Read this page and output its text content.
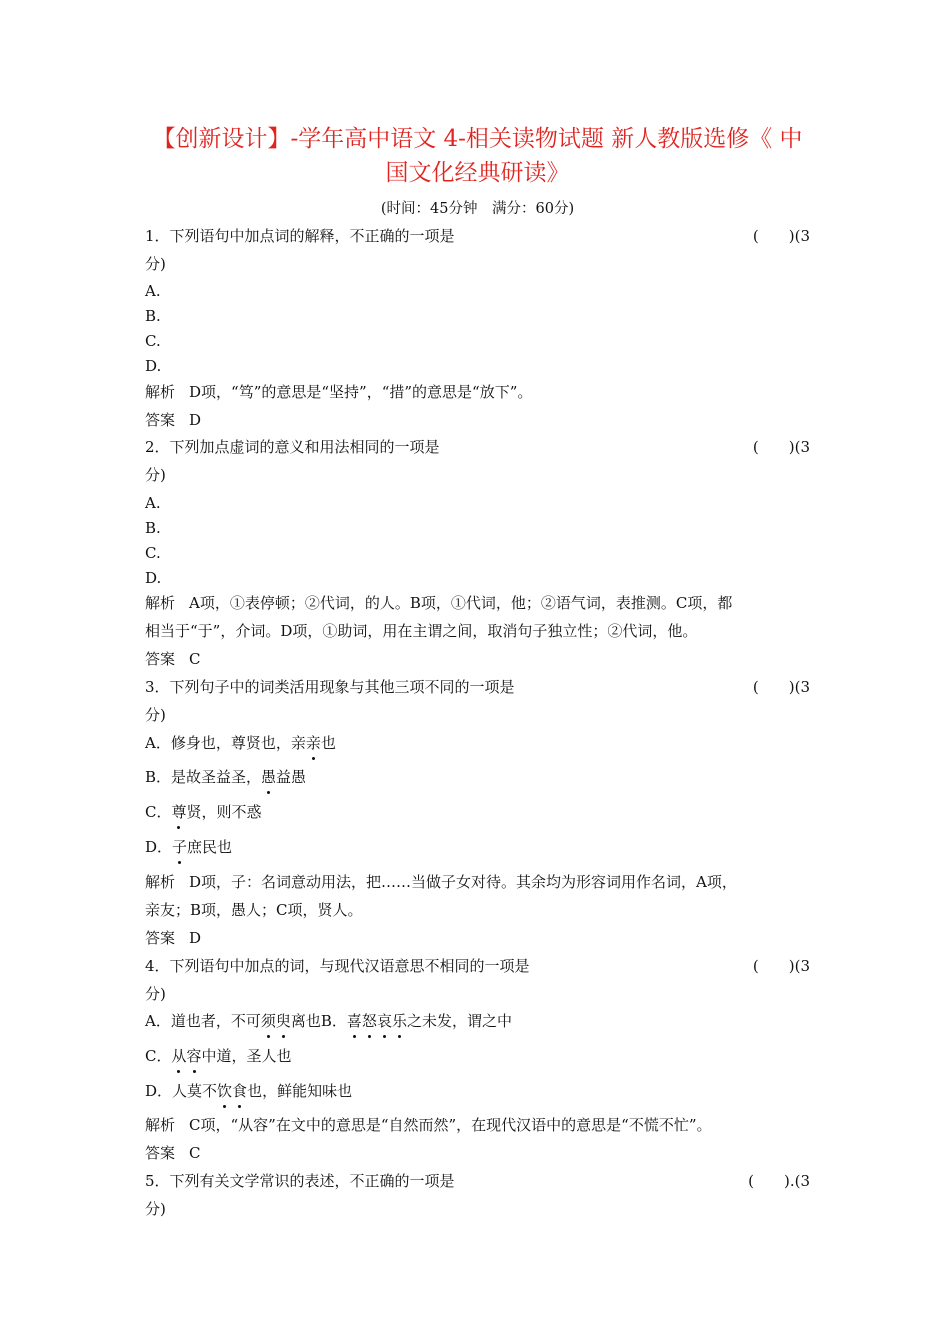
【创新设计】-学年高中语文 4-相关读物试题 新人教版选修《 中
国文化经典研读》
(时间：45分钟　满分：60分)
1．下列语句中加点词的解释，不正确的一项是	(　　)(3
分)
A.
B.
C.
D.
解析 D项，“笃”的意思是“坚持”，“措”的意思是“放下”。
答案 D
2．下列加点虚词的意义和用法相同的一项是	(　　)(3
分)
A.
B.
C.
D.
解析 A项，①表停顿；②代词，的人。B项，①代词，他；②语气词，表推测。C项，都
相当于“于”，介词。D项，①助词，用在主谓之间，取消句子独立性；②代词，他。
答案 C
3．下列句子中的词类活用现象与其他三项不同的一项是	(　　)(3
分)
A．修身也，尊贤也，亲亲也
B．是故圣益圣，愚益愚
C．尊贤，则不惑
D．子庶民也
解析 D项，子：名词意动用法，把……当做子女对待。其余均为形容词用作名词，A项，
亲友；B项，愚人；C项，贤人。
答案 D
4．下列语句中加点的词，与现代汉语意思不相同的一项是	(　　)(3
分)
A．道也者，不可须臾离也B．喜怒哀乐之未发，谓之中
C．从容中道，圣人也
D．人莫不饮食也，鲜能知味也
解析 C项，“从容”在文中的意思是“自然而然”，在现代汉语中的意思是“不慌不忙”。
答案 C
5．下列有关文学常识的表述，不正确的一项是	(　　).(3
分)
